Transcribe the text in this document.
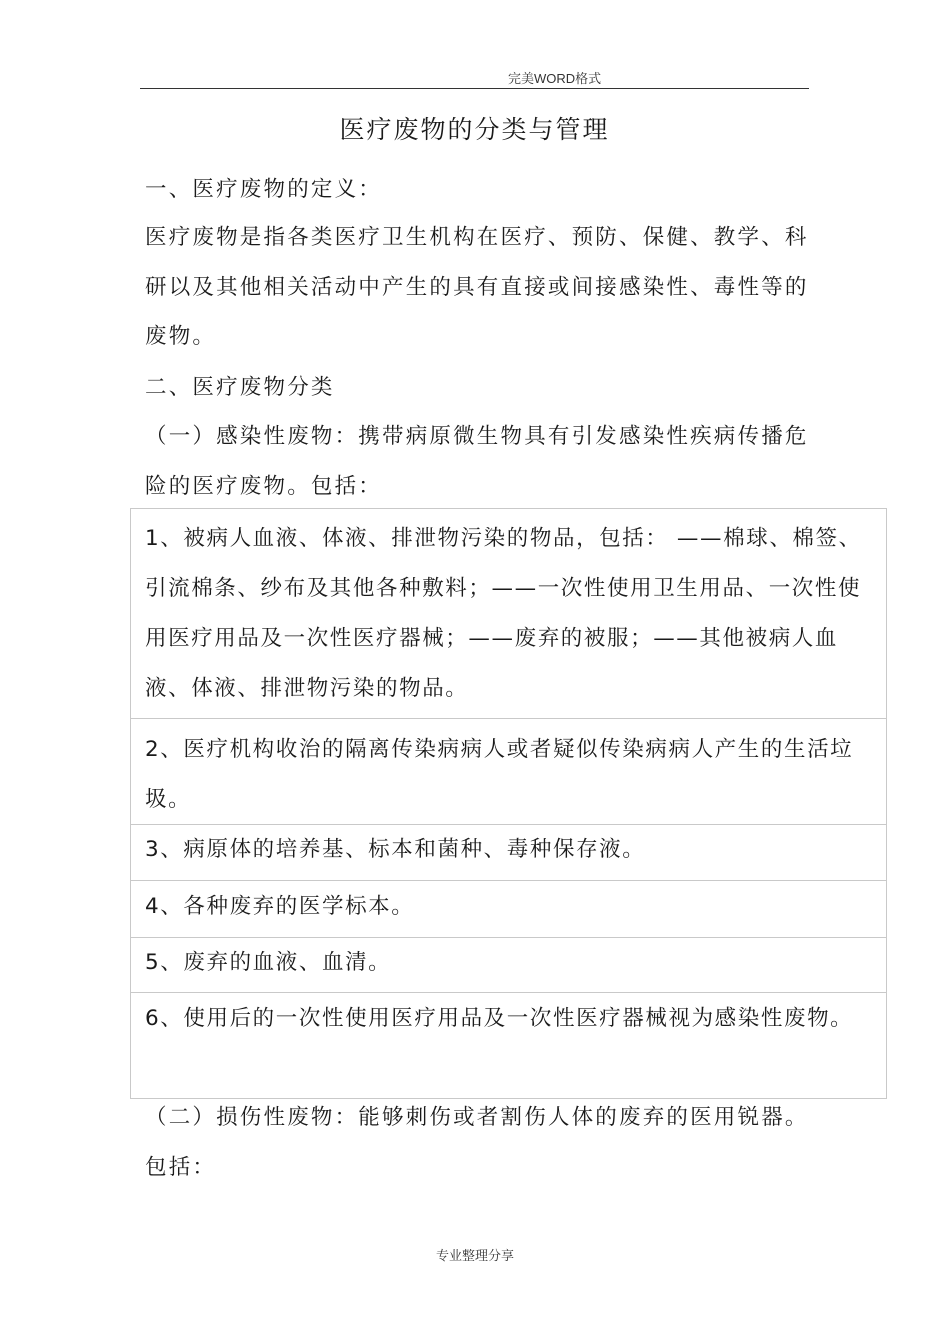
完美WORD格式
医疗废物的分类与管理
一、医疗废物的定义：
医疗废物是指各类医疗卫生机构在医疗、预防、保健、教学、科研以及其他相关活动中产生的具有直接或间接感染性、毒性等的废物。
二、医疗废物分类
（一）感染性废物：携带病原微生物具有引发感染性疾病传播危险的医疗废物。包括：
1、被病人血液、体液、排泄物污染的物品，包括： ——棉球、棉签、引流棉条、纱布及其他各种敷料；——一次性使用卫生用品、一次性使用医疗用品及一次性医疗器械；——废弃的被服；——其他被病人血液、体液、排泄物污染的物品。
2、医疗机构收治的隔离传染病病人或者疑似传染病病人产生的生活垃圾。
3、病原体的培养基、标本和菌种、毒种保存液。
4、各种废弃的医学标本。
5、废弃的血液、血清。
6、使用后的一次性使用医疗用品及一次性医疗器械视为感染性废物。
（二）损伤性废物：能够刺伤或者割伤人体的废弃的医用锐器。包括：
专业整理分享
